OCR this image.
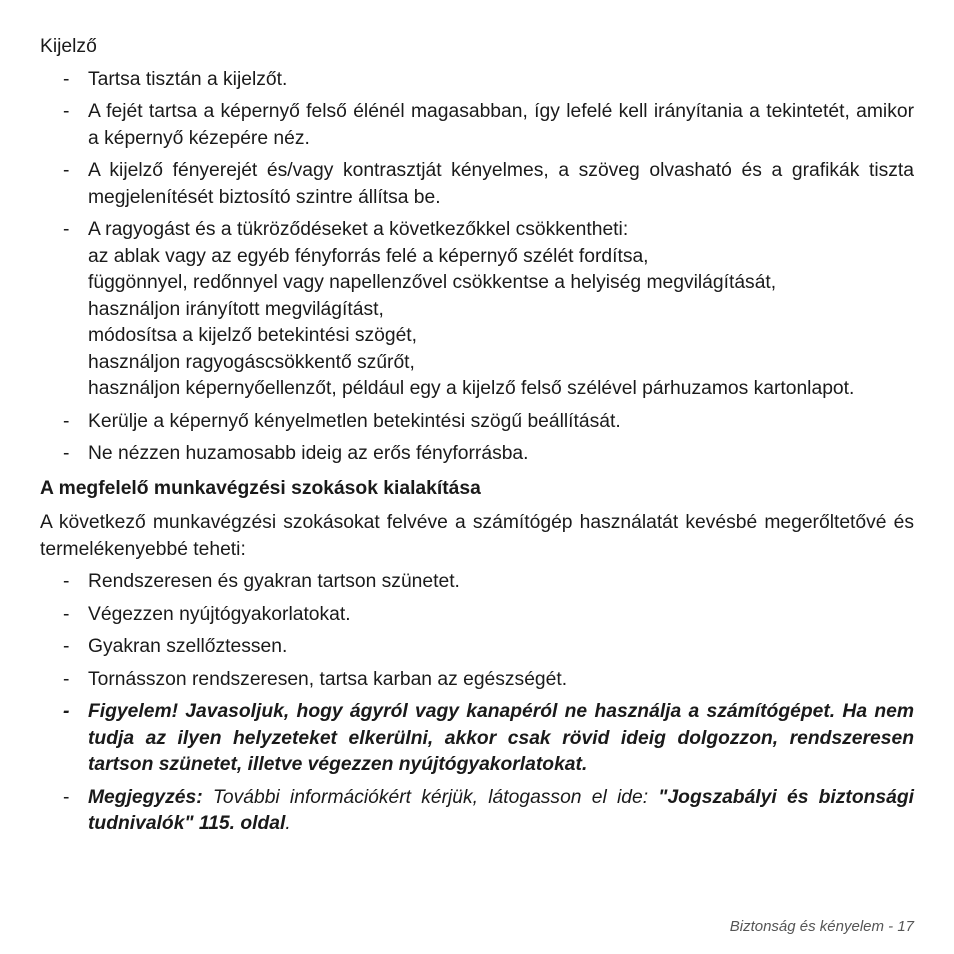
Kijelző

- Tartsa tisztán a kijelzőt.

- A fejét tartsa a képernyő felső élénél magasabban, így lefelé kell irányítania a tekintetét, amikor a képernyő kézepére néz.

- A kijelző fényerejét és/vagy kontrasztját kényelmes, a szöveg olvasható és a grafikák tiszta megjelenítését biztosító szintre állítsa be.

- A ragyogást és a tükröződéseket a következőkkel csökkentheti:
az ablak vagy az egyéb fényforrás felé a képernyő szélét fordítsa,
függönnyel, redőnnyel vagy napellenzővel csökkentse a helyiség megvilágítását,
használjon irányított megvilágítást,
módosítsa a kijelző betekintési szögét,
használjon ragyogáscsökkentő szűrőt,
használjon képernyőellenzőt, például egy a kijelző felső szélével párhuzamos kartonlapot.
- Kerülje a képernyő kényelmetlen betekintési szögű beállítását.

- Ne nézzen huzamosabb ideig az erős fényforrásba.

A megfelelő munkavégzési szokások kialakítása

A következő munkavégzési szokásokat felvéve a számítógép használatát kevésbé megerőltetővé és termelékenyebbé teheti:

- Rendszeresen és gyakran tartson szünetet.

- Végezzen nyújtógyakorlatokat.

- Gyakran szellőztessen.

- Tornásszon rendszeresen, tartsa karban az egészségét.

- Figyelem! Javasoljuk, hogy ágyról vagy kanapéról ne használja a számítógépet. Ha nem tudja az ilyen helyzeteket elkerülni, akkor csak rövid ideig dolgozzon, rendszeresen tartson szünetet, illetve végezzen nyújtógyakorlatokat.

- Megjegyzés: További információkért kérjük, látogasson el ide: "Jogszabályi és biztonsági tudnivalók" 115. oldal.

Biztonság és kényelem - 17
